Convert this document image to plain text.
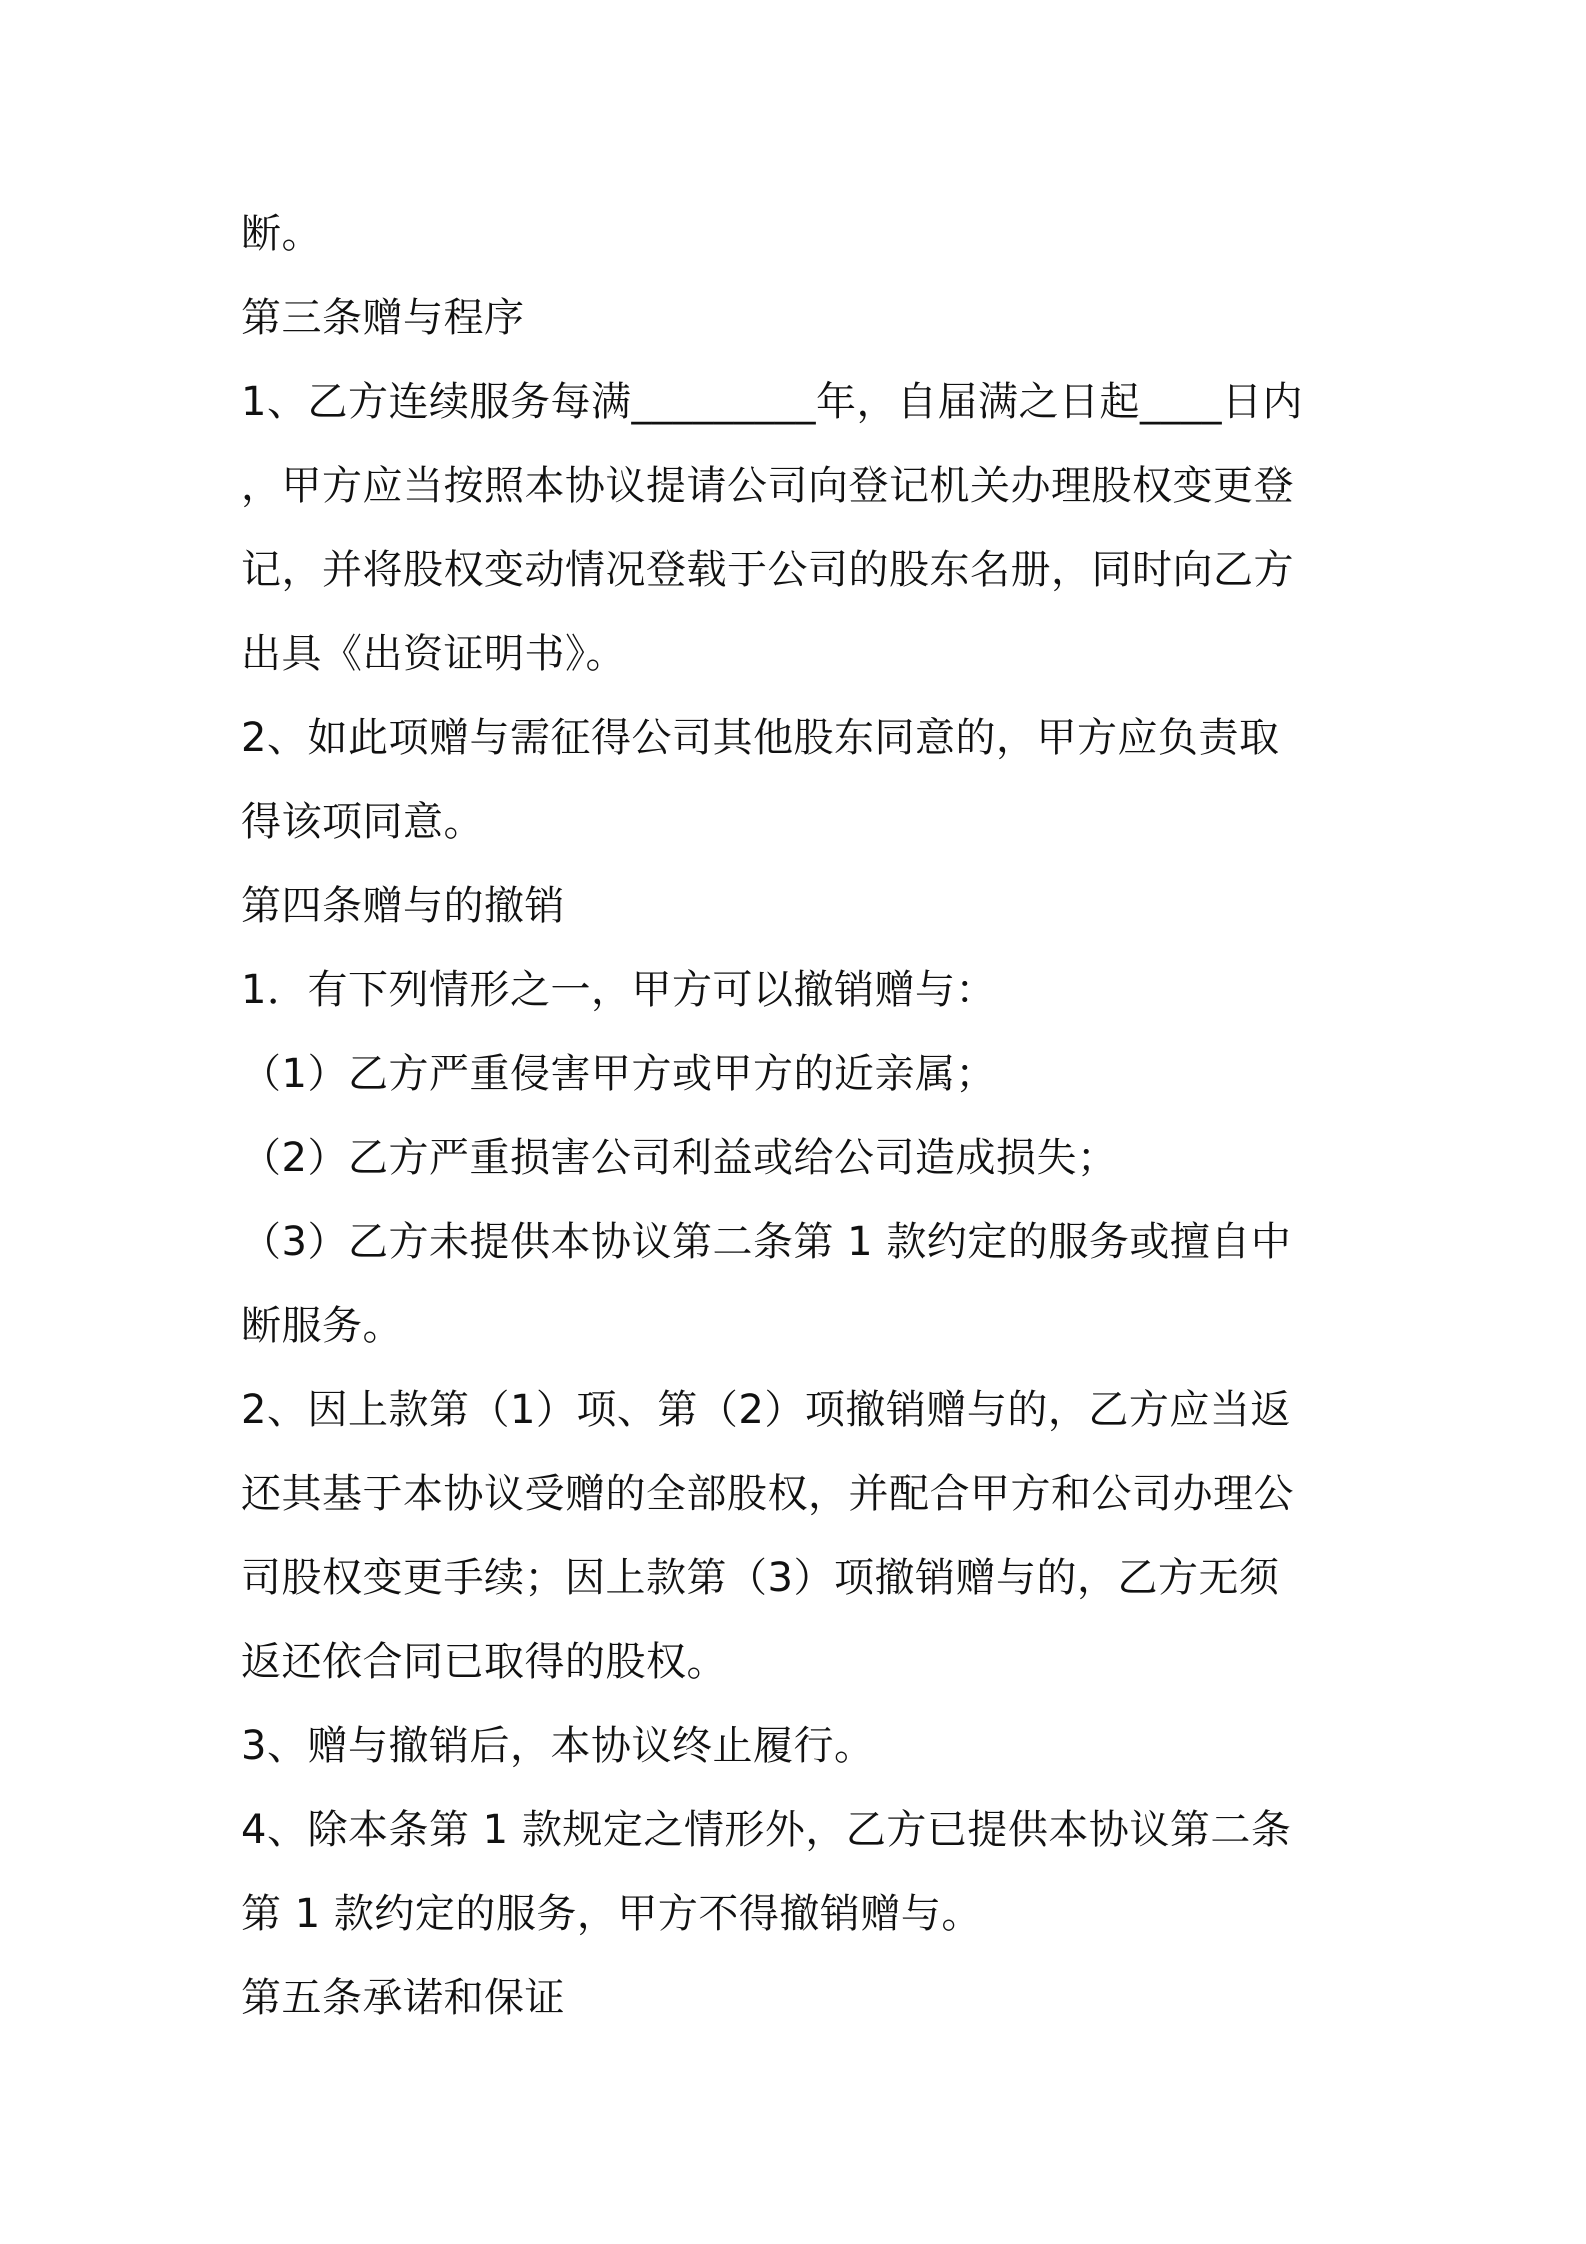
断。
第三条赠与程序
1、乙方连续服务每满_________年，自届满之日起____日内
，甲方应当按照本协议提请公司向登记机关办理股权变更登
记，并将股权变动情况登载于公司的股东名册，同时向乙方
出具《出资证明书》。
2、如此项赠与需征得公司其他股东同意的，甲方应负责取
得该项同意。
第四条赠与的撤销
1．有下列情形之一，甲方可以撤销赠与：
（1）乙方严重侵害甲方或甲方的近亲属；
（2）乙方严重损害公司利益或给公司造成损失；
（3）乙方未提供本协议第二条第 1 款约定的服务或擅自中
断服务。
2、因上款第（1）项、第（2）项撤销赠与的，乙方应当返
还其基于本协议受赠的全部股权，并配合甲方和公司办理公
司股权变更手续；因上款第（3）项撤销赠与的，乙方无须
返还依合同已取得的股权。
3、赠与撤销后，本协议终止履行。
4、除本条第 1 款规定之情形外，乙方已提供本协议第二条
第 1 款约定的服务，甲方不得撤销赠与。
第五条承诺和保证
